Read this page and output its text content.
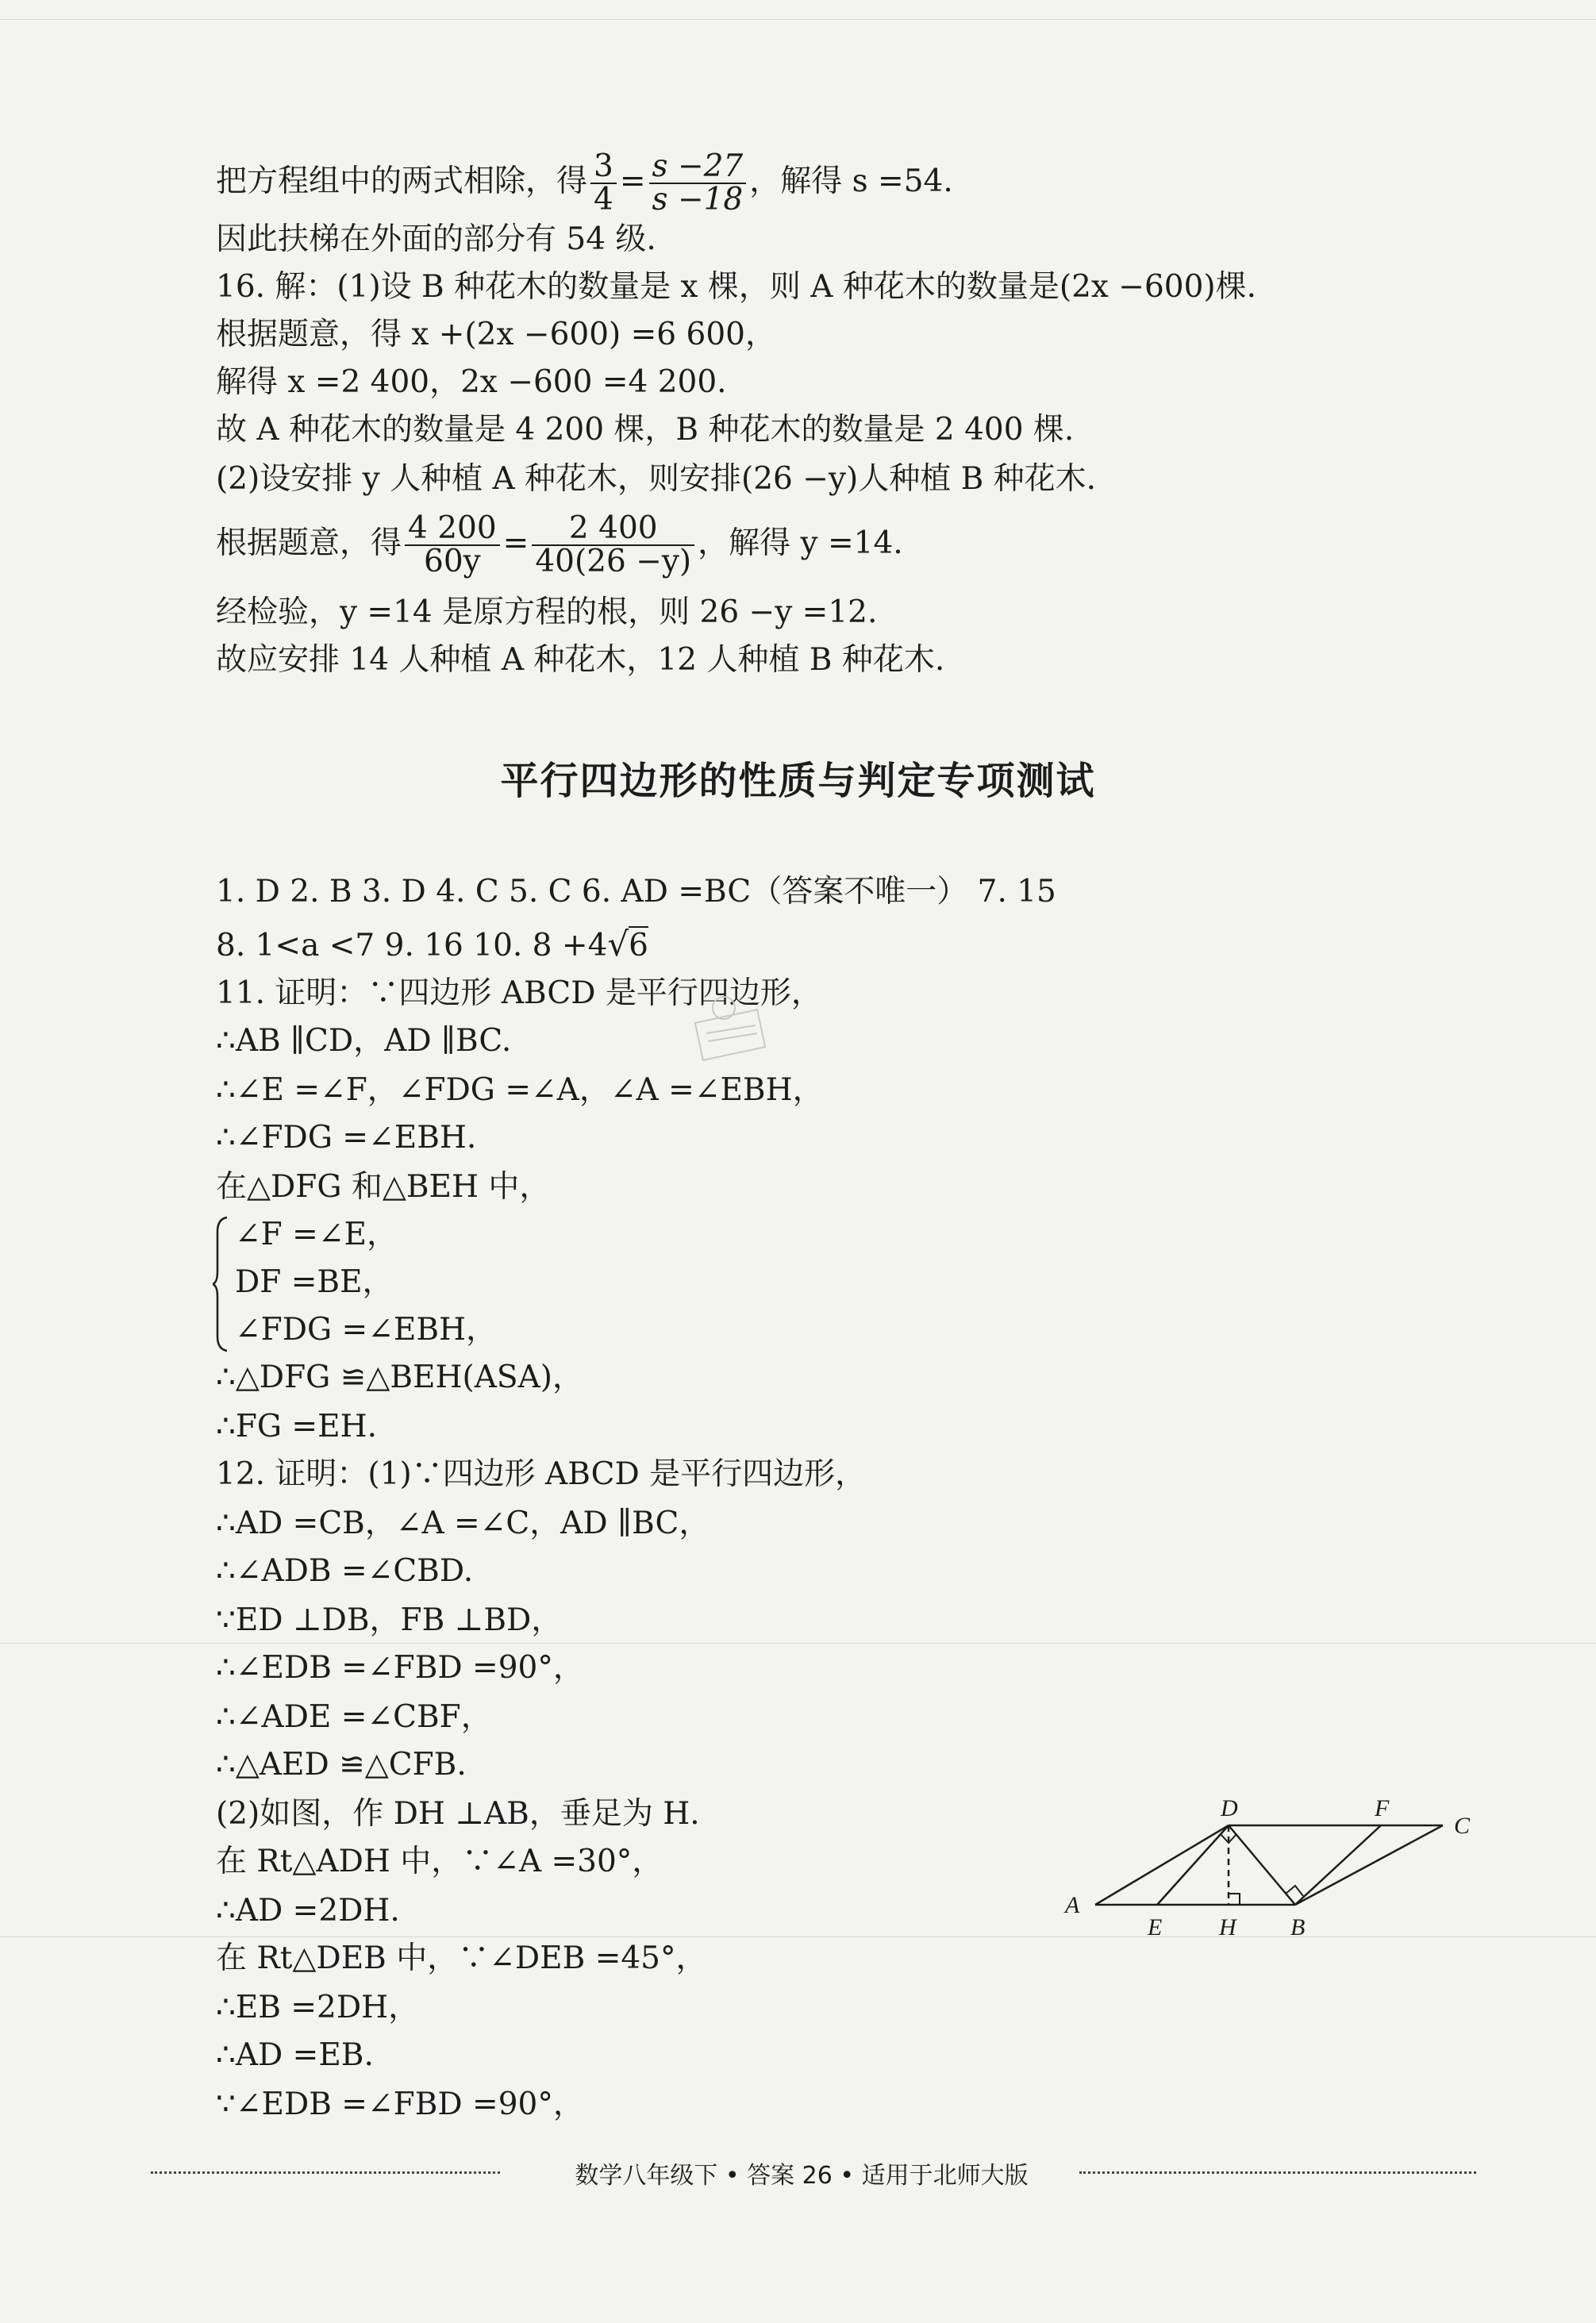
把方程组中的两式相除，得 $\frac{3}{4} = \frac{s -27}{s -18}$ ，解得 s =54.
因此扶梯在外面的部分有 54 级.
16. 解：(1)设 B 种花木的数量是 x 棵，则 A 种花木的数量是(2x −600)棵.
根据题意，得 x +(2x −600) =6 600，
解得 x =2 400，2x −600 =4 200.
故 A 种花木的数量是 4 200 棵，B 种花木的数量是 2 400 棵.
(2)设安排 y 人种植 A 种花木，则安排(26 −y)人种植 B 种花木.
根据题意，得 $\frac{4 200}{60y} = \frac{2 400}{40(26 -y)}$ ，解得 y =14.
经检验，y =14 是原方程的根，则 26 −y =12.
故应安排 14 人种植 A 种花木，12 人种植 B 种花木.
平行四边形的性质与判定专项测试
1. D 2. B 3. D 4. C 5. C 6. AD =BC（答案不唯一） 7. 15
8. 1<a <7 9. 16 10. 8 +4√6
11. 证明：∵四边形 ABCD 是平行四边形，
∴AB ∥CD，AD ∥BC.
∴∠E =∠F，∠FDG =∠A，∠A =∠EBH，
∴∠FDG =∠EBH.
在△DFG 和△BEH 中，
∠F =∠E，
DF =BE，
∠FDG =∠EBH，
∴△DFG ≌△BEH(ASA)，
∴FG =EH.
12. 证明：(1)∵四边形 ABCD 是平行四边形，
∴AD =CB，∠A =∠C，AD ∥BC，
∴∠ADB =∠CBD.
∵ED ⊥DB，FB ⊥BD，
∴∠EDB =∠FBD =90°，
∴∠ADE =∠CBF，
∴△AED ≌△CFB.
(2)如图，作 DH ⊥AB，垂足为 H.
在 Rt△ADH 中，∵∠A =30°，
∴AD =2DH.
在 Rt△DEB 中，∵∠DEB =45°，
∴EB =2DH，
∴AD =EB.
∵∠EDB =∠FBD =90°，
A
D	F
C
E H B
数学八年级下 • 答案 26 • 适用于北师大版
